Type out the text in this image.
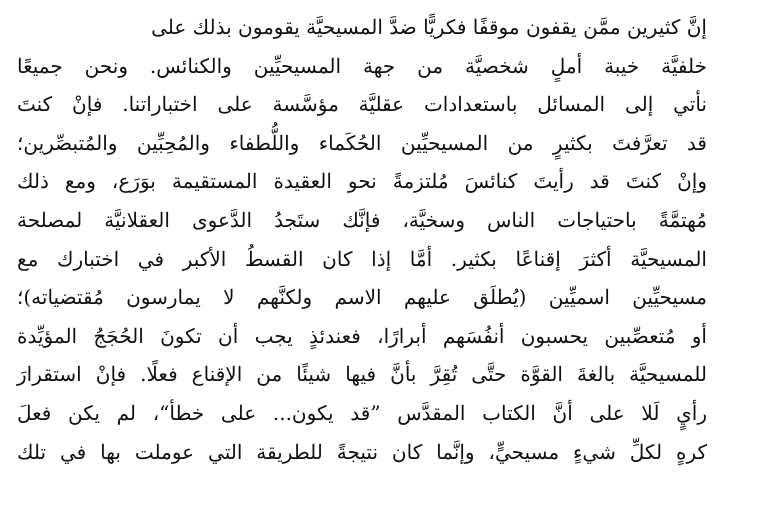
إنَّ كثيرين ممَّن يقفون موقفًا فكريًّا ضدَّ المسيحيَّة يقومون بذلك على
خلفيَّة خيبة أملٍ شخصيَّة من جهة المسيحيِّين والكنائس. ونحن جميعًا
نأتي إلى المسائل باستعدادات عقليَّة مؤسَّسة على اختباراتنا. فإنْ كنتَ
قد تعرَّفتَ بكثيرٍ من المسيحيِّين الحُكَماء واللُّطفاء والمُحِبِّين والمُتبصِّرين؛
وإنْ كنتَ قد رأيتَ كنائسَ مُلتزمةً نحو العقيدة المستقيمة بوَرَع، ومع ذلك
مُهتمَّةً باحتياجات الناس وسخيَّة، فإنَّك ستَجدُ الدَّعوى العقلانيَّة لمصلحة
المسيحيَّة أكثرَ إقناعًا بكثير. أمَّا إذا كان القسطُ الأكبر في اختبارك مع
مسيحيِّين اسميِّين (يُطلَق عليهم الاسم ولكنَّهم لا يمارسون مُقتضياته)؛
أو مُتعصِّبين يحسبون أنفُسَهم أبرارًا، فعندئذٍ يجب أن تكونَ الحُجَجُ المؤيِّدة
للمسيحيَّة بالغةَ القوَّة حتَّى تُقِرَّ بأنَّ فيها شيئًا من الإقناع فعلًا. فإنْ استقرارَ
رأيٍ لَلا على أنَّ الكتاب المقدَّس ”قد يكون... على خطأ“، لم يكن فعلَ
كرهٍ لكلِّ شيءٍ مسيحيٍّ، وإنَّما كان نتيجةً للطريقة التي عوملت بها في تلك
